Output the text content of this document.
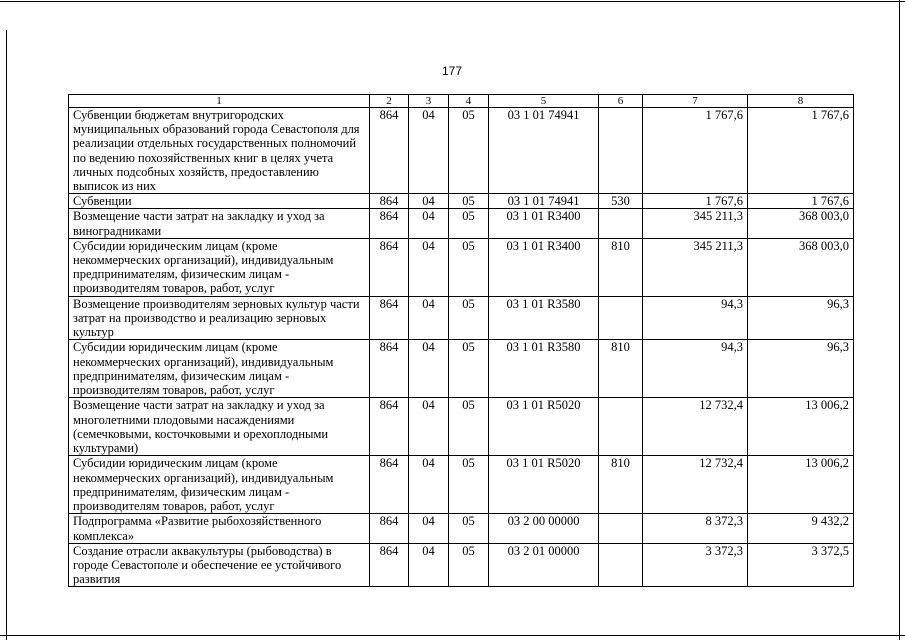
177
1	2	3	4	5	6	7	8
Субвенции бюджетам внутригородских муниципальных образований города Севастополя для реализации отдельных государственных полномочий по ведению похозяйственных книг в целях учета личных подсобных хозяйств, предоставлению выписок из них	864	04	05	03 1 01 74941		1 767,6	1 767,6
Субвенции	864	04	05	03 1 01 74941	530	1 767,6	1 767,6
Возмещение части затрат на закладку и уход за виноградниками	864	04	05	03 1 01 R3400		345 211,3	368 003,0
Субсидии юридическим лицам (кроме некоммерческих организаций), индивидуальным предпринимателям, физическим лицам - производителям товаров, работ, услуг	864	04	05	03 1 01 R3400	810	345 211,3	368 003,0
Возмещение производителям зерновых культур части затрат на производство и реализацию зерновых культур	864	04	05	03 1 01 R3580		94,3	96,3
Субсидии юридическим лицам (кроме некоммерческих организаций), индивидуальным предпринимателям, физическим лицам - производителям товаров, работ, услуг	864	04	05	03 1 01 R3580	810	94,3	96,3
Возмещение части затрат на закладку и уход за многолетними плодовыми насаждениями (семечковыми, косточковыми и орехоплодными культурами)	864	04	05	03 1 01 R5020		12 732,4	13 006,2
Субсидии юридическим лицам (кроме некоммерческих организаций), индивидуальным предпринимателям, физическим лицам - производителям товаров, работ, услуг	864	04	05	03 1 01 R5020	810	12 732,4	13 006,2
Подпрограмма «Развитие рыбохозяйственного комплекса»	864	04	05	03 2 00 00000		8 372,3	9 432,2
Создание отрасли аквакультуры (рыбоводства) в городе Севастополе и обеспечение ее устойчивого развития	864	04	05	03 2 01 00000		3 372,3	3 372,5
